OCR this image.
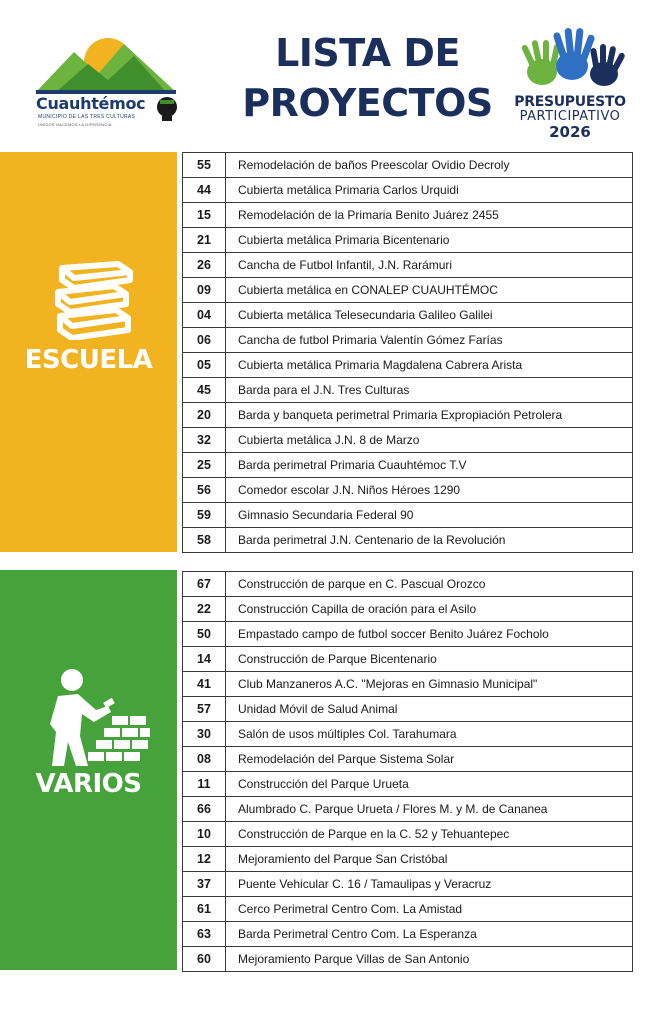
Cuauhtémoc
MUNICIPIO DE LAS TRES CULTURAS
UNIDOS HACEMOS LA DIFERENCIA
LISTA DE
PROYECTOS	PRESUPUESTO
PARTICIPATIVO
2026
ESCUELA
55	Remodelación de baños Preescolar Ovidio Decroly
44	Cubierta metálica Primaria Carlos Urquidi
15	Remodelación de la Primaria Benito Juárez 2455
21	Cubierta metálica Primaria Bicentenario
26	Cancha de Futbol Infantil, J.N. Rarámuri
09	Cubierta metálica en CONALEP CUAUHTÉMOC
04	Cubierta metálica Telesecundaria Galileo Galilei
06	Cancha de futbol Primaria Valentín Gómez Farías
05	Cubierta metálica Primaria Magdalena Cabrera Arista
45	Barda para el J.N. Tres Culturas
20	Barda y banqueta perimetral Primaria Expropiación Petrolera
32	Cubierta metálica J.N. 8 de Marzo
25	Barda perimetral Primaria Cuauhtémoc T.V
56	Comedor escolar J.N. Niños Héroes 1290
59	Gimnasio Secundaria Federal 90
58	Barda perimetral J.N. Centenario de la Revolución
VARIOS
67	Construcción de parque en C. Pascual Orozco
22	Construcción Capilla de oración para el Asilo
50	Empastado campo de futbol soccer Benito Juárez Focholo
14	Construcción de Parque Bicentenario
41	Club Manzaneros A.C. "Mejoras en Gimnasio Municipal"
57	Unidad Móvil de Salud Animal
30	Salón de usos múltiples Col. Tarahumara
08	Remodelación del Parque Sistema Solar
11	Construcción del Parque Urueta
66	Alumbrado C. Parque Urueta / Flores M. y M. de Cananea
10	Construcción de Parque en la C. 52 y Tehuantepec
12	Mejoramiento del Parque San Cristóbal
37	Puente Vehicular C. 16 / Tamaulipas y Veracruz
61	Cerco Perimetral Centro Com. La Amistad
63	Barda Perimetral Centro Com. La Esperanza
60	Mejoramiento Parque Villas de San Antonio
